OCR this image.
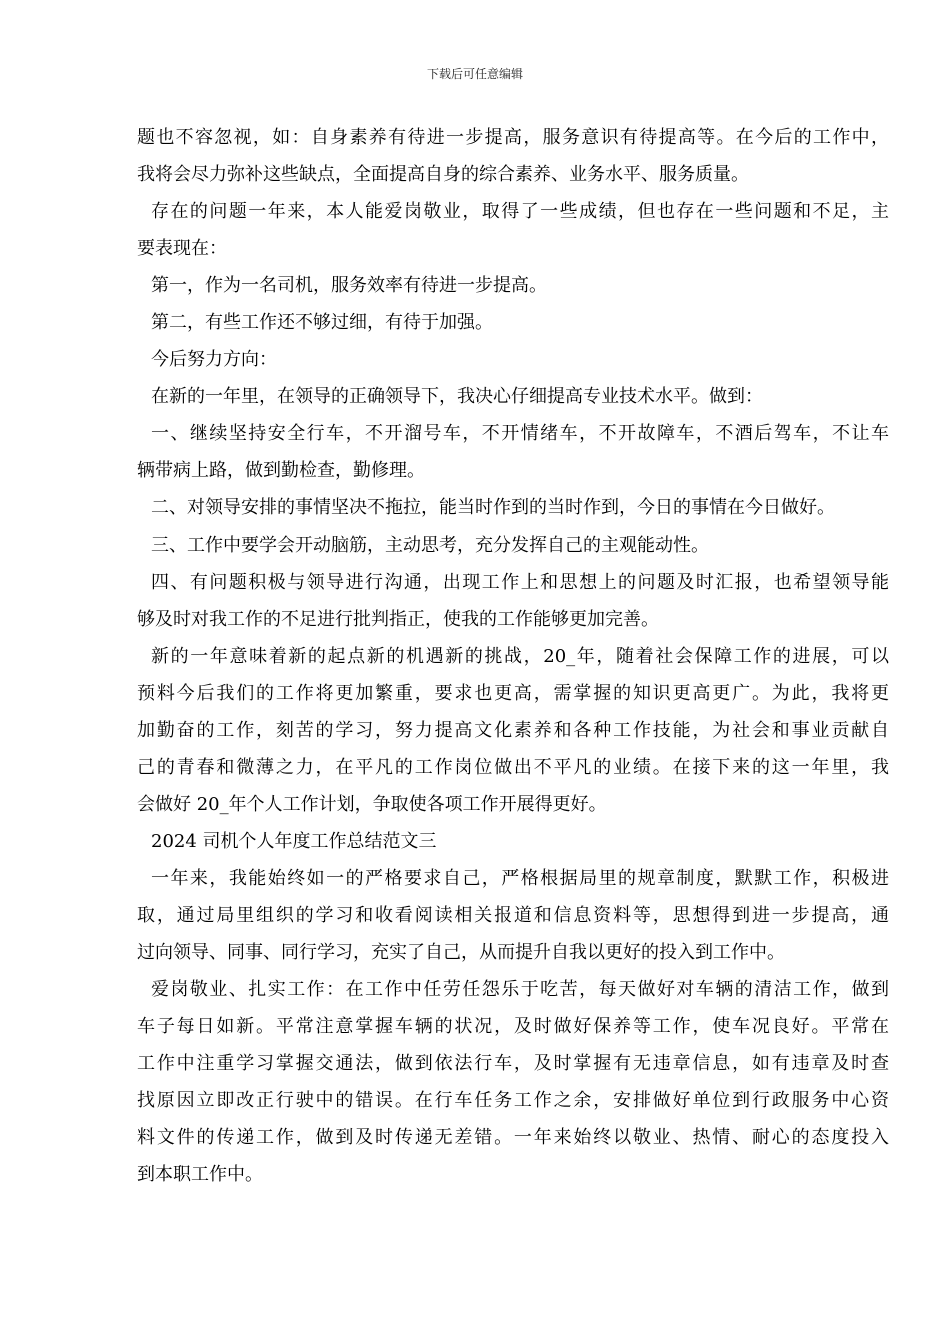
下载后可任意编辑
题也不容忽视，如：自身素养有待进一步提高，服务意识有待提高等。在今后的工作中，
我将会尽力弥补这些缺点，全面提高自身的综合素养、业务水平、服务质量。
存在的问题一年来，本人能爱岗敬业，取得了一些成绩，但也存在一些问题和不足，主
要表现在：
第一，作为一名司机，服务效率有待进一步提高。
第二，有些工作还不够过细，有待于加强。
今后努力方向：
在新的一年里，在领导的正确领导下，我决心仔细提高专业技术水平。做到：
一、继续坚持安全行车，不开溜号车，不开情绪车，不开故障车，不酒后驾车，不让车
辆带病上路，做到勤检查，勤修理。
二、对领导安排的事情坚决不拖拉，能当时作到的当时作到，今日的事情在今日做好。
三、工作中要学会开动脑筋，主动思考，充分发挥自己的主观能动性。
四、有问题积极与领导进行沟通，出现工作上和思想上的问题及时汇报，也希望领导能
够及时对我工作的不足进行批判指正，使我的工作能够更加完善。
新的一年意味着新的起点新的机遇新的挑战，20_年，随着社会保障工作的进展，可以
预料今后我们的工作将更加繁重，要求也更高，需掌握的知识更高更广。为此，我将更
加勤奋的工作，刻苦的学习，努力提高文化素养和各种工作技能，为社会和事业贡献自
己的青春和微薄之力，在平凡的工作岗位做出不平凡的业绩。在接下来的这一年里，我
会做好 20_年个人工作计划，争取使各项工作开展得更好。
2024 司机个人年度工作总结范文三
一年来，我能始终如一的严格要求自己，严格根据局里的规章制度，默默工作，积极进
取，通过局里组织的学习和收看阅读相关报道和信息资料等，思想得到进一步提高，通
过向领导、同事、同行学习，充实了自己，从而提升自我以更好的投入到工作中。
爱岗敬业、扎实工作：在工作中任劳任怨乐于吃苦，每天做好对车辆的清洁工作，做到
车子每日如新。平常注意掌握车辆的状况，及时做好保养等工作，使车况良好。平常在
工作中注重学习掌握交通法，做到依法行车，及时掌握有无违章信息，如有违章及时查
找原因立即改正行驶中的错误。在行车任务工作之余，安排做好单位到行政服务中心资
料文件的传递工作，做到及时传递无差错。一年来始终以敬业、热情、耐心的态度投入
到本职工作中。
